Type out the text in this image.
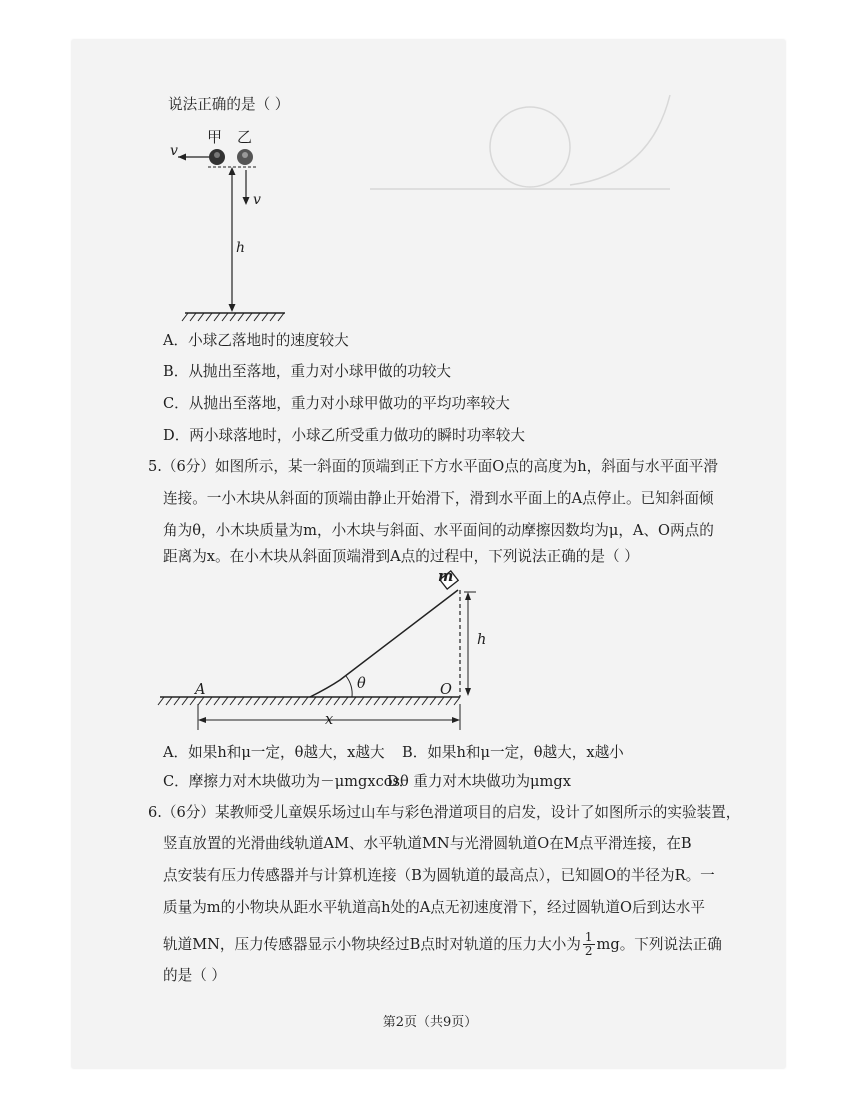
说法正确的是（ ）
甲 乙
v
v
h
A．小球乙落地时的速度较大
B．从抛出至落地，重力对小球甲做的功较大
C．从抛出至落地，重力对小球甲做功的平均功率较大
D．两小球落地时，小球乙所受重力做功的瞬时功率较大
5.（6分）如图所示，某一斜面的顶端到正下方水平面O点的高度为h，斜面与水平面平滑
连接。一小木块从斜面的顶端由静止开始滑下，滑到水平面上的A点停止。已知斜面倾
角为θ，小木块质量为m，小木块与斜面、水平面间的动摩擦因数均为μ，A、O两点的
距离为x。在小木块从斜面顶端滑到A点的过程中，下列说法正确的是（ ）
m
h
θ
A	O
x
A．如果h和μ一定，θ越大，x越大 B．如果h和μ一定，θ越大，x越小
C．摩擦力对木块做功为－μmgxcosθ
D．重力对木块做功为μmgx
6.（6分）某教师受儿童娱乐场过山车与彩色滑道项目的启发，设计了如图所示的实验装置，
竖直放置的光滑曲线轨道AM、水平轨道MN与光滑圆轨道O在M点平滑连接，在B
点安装有压力传感器并与计算机连接（B为圆轨道的最高点），已知圆O的半径为R。一
质量为m的小物块从距水平轨道高h处的A点无初速度滑下，经过圆轨道O后到达水平
轨道MN，压力传感器显示小物块经过B点时对轨道的压力大小为 $\frac{1}{2}$ mg。下列说法正确
的是（ ）
第2页（共9页）
